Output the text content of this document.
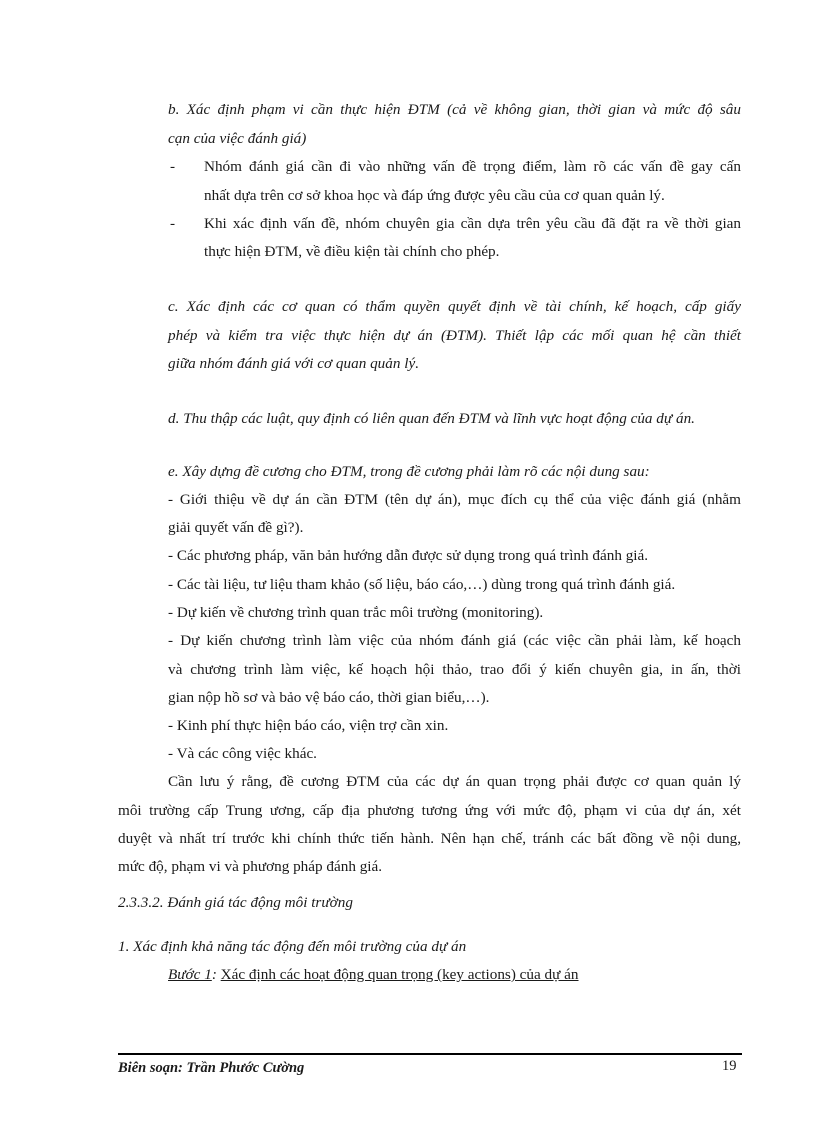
b. Xác định phạm vi cần thực hiện ĐTM (cả về không gian, thời gian và mức độ sâu
cạn của việc đánh giá)
- Nhóm đánh giá cần đi vào những vấn đề trọng điểm, làm rõ các vấn đề gay cấn
nhất dựa trên cơ sở khoa học và đáp ứng được yêu cầu của cơ quan quản lý.
- Khi xác định vấn đề, nhóm chuyên gia cần dựa trên yêu cầu đã đặt ra về thời gian
thực hiện ĐTM, về điều kiện tài chính cho phép.
c. Xác định các cơ quan có thẩm quyền quyết định về tài chính, kế hoạch, cấp giấy
phép và kiểm tra việc thực hiện dự án (ĐTM). Thiết lập các mối quan hệ cần thiết
giữa nhóm đánh giá với cơ quan quản lý.
d. Thu thập các luật, quy định có liên quan đến ĐTM và lĩnh vực hoạt động của dự án.
e. Xây dựng đề cương cho ĐTM, trong đề cương phải làm rõ các nội dung sau:
- Giới thiệu về dự án cần ĐTM (tên dự án), mục đích cụ thể của việc đánh giá (nhằm
giải quyết vấn đề gì?).
- Các phương pháp, văn bản hướng dẫn được sử dụng trong quá trình đánh giá.
- Các tài liệu, tư liệu tham khảo (số liệu, báo cáo,…) dùng trong quá trình đánh giá.
- Dự kiến về chương trình quan trắc môi trường (monitoring).
- Dự kiến chương trình làm việc của nhóm đánh giá (các việc cần phải làm, kế hoạch
và chương trình làm việc, kế hoạch hội thảo, trao đổi ý kiến chuyên gia, in ấn, thời
gian nộp hồ sơ và bảo vệ báo cáo, thời gian biểu,…).
- Kinh phí thực hiện báo cáo, viện trợ cần xin.
- Và các công việc khác.
Cần lưu ý rằng, đề cương ĐTM của các dự án quan trọng phải được cơ quan quản lý
môi trường cấp Trung ương, cấp địa phương tương ứng với mức độ, phạm vi của dự án, xét
duyệt và nhất trí trước khi chính thức tiến hành. Nên hạn chế, tránh các bất đồng về nội dung,
mức độ, phạm vi và phương pháp đánh giá.
2.3.3.2. Đánh giá tác động môi trường
1. Xác định khả năng tác động đến môi trường của dự án
Bước 1: Xác định các hoạt động quan trọng (key actions) của dự án
Biên soạn: Trần Phước Cường	19
